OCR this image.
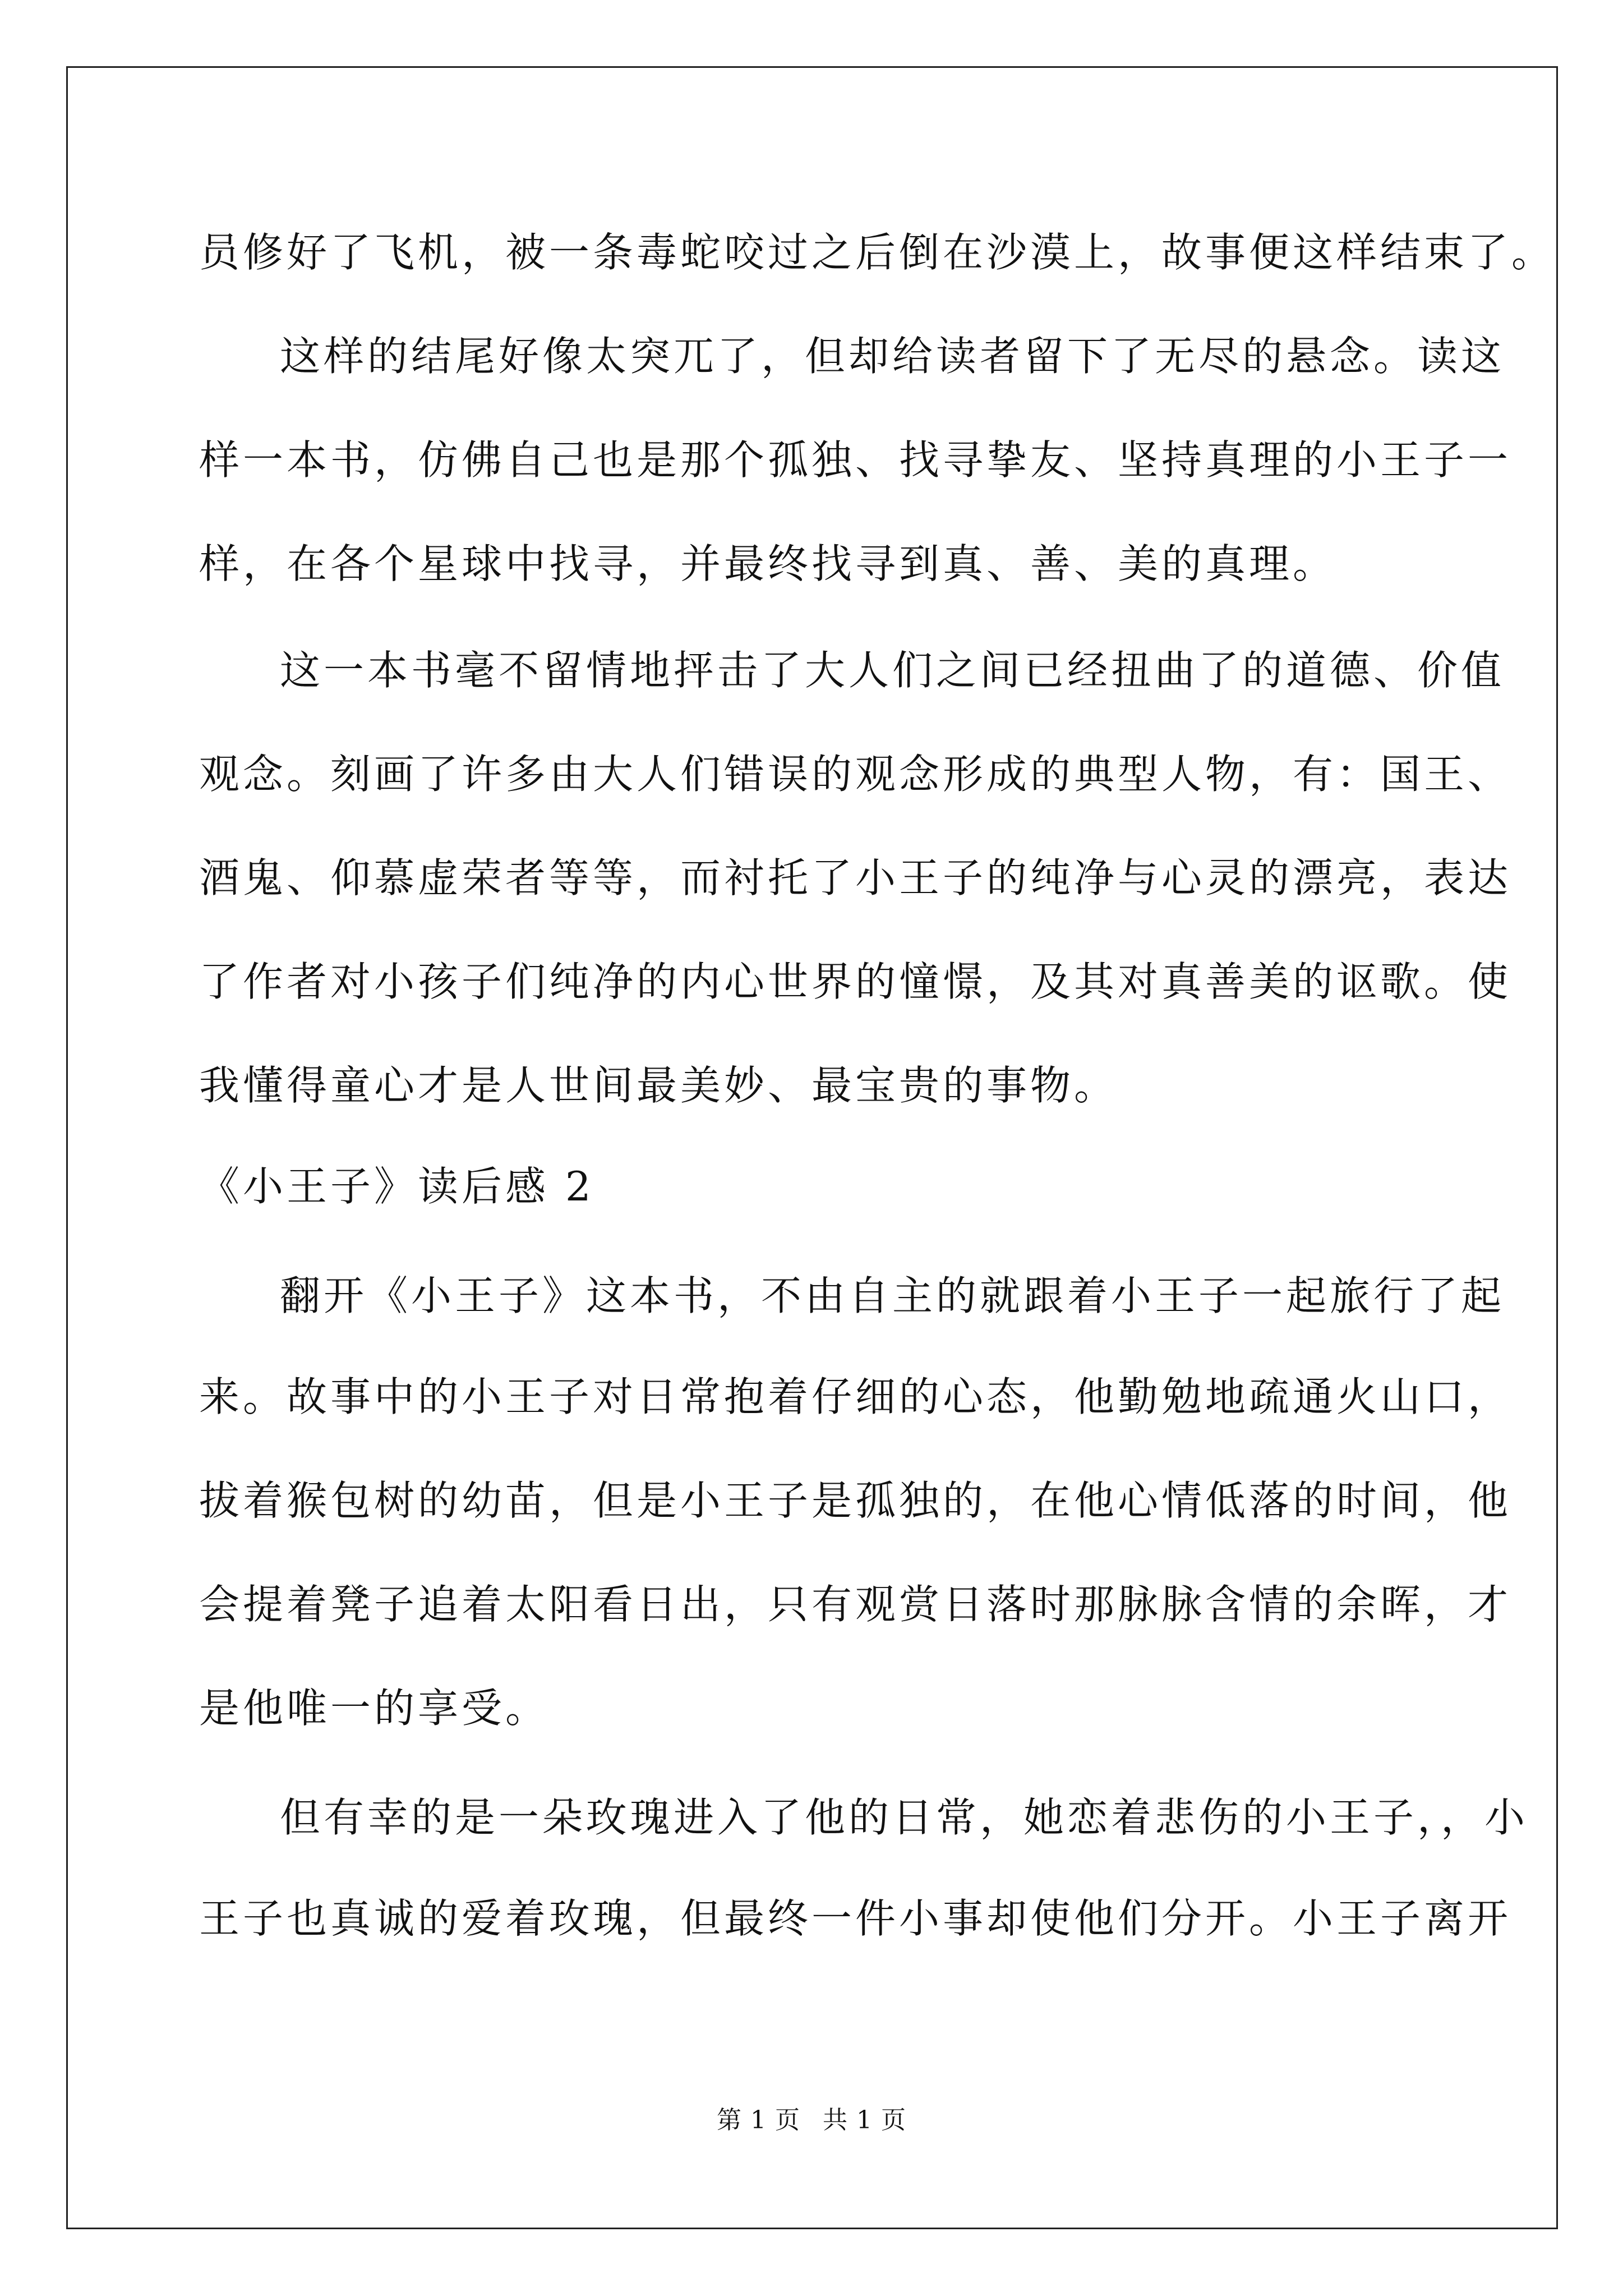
员修好了飞机，被一条毒蛇咬过之后倒在沙漠上，故事便这样结束了。
这样的结尾好像太突兀了，但却给读者留下了无尽的悬念。读这
样一本书，仿佛自己也是那个孤独、找寻挚友、坚持真理的小王子一
样，在各个星球中找寻，并最终找寻到真、善、美的真理。
这一本书毫不留情地抨击了大人们之间已经扭曲了的道德、价值
观念。刻画了许多由大人们错误的观念形成的典型人物，有：国王、
酒鬼、仰慕虚荣者等等，而衬托了小王子的纯净与心灵的漂亮，表达
了作者对小孩子们纯净的内心世界的憧憬，及其对真善美的讴歌。使
我懂得童心才是人世间最美妙、最宝贵的事物。
《小王子》读后感 2
翻开《小王子》这本书，不由自主的就跟着小王子一起旅行了起
来。故事中的小王子对日常抱着仔细的心态，他勤勉地疏通火山口，
拔着猴包树的幼苗，但是小王子是孤独的，在他心情低落的时间，他
会提着凳子追着太阳看日出，只有观赏日落时那脉脉含情的余晖，才
是他唯一的享受。
但有幸的是一朵玫瑰进入了他的日常，她恋着悲伤的小王子，，小
王子也真诚的爱着玫瑰，但最终一件小事却使他们分开。小王子离开
第 1 页 共 1 页
